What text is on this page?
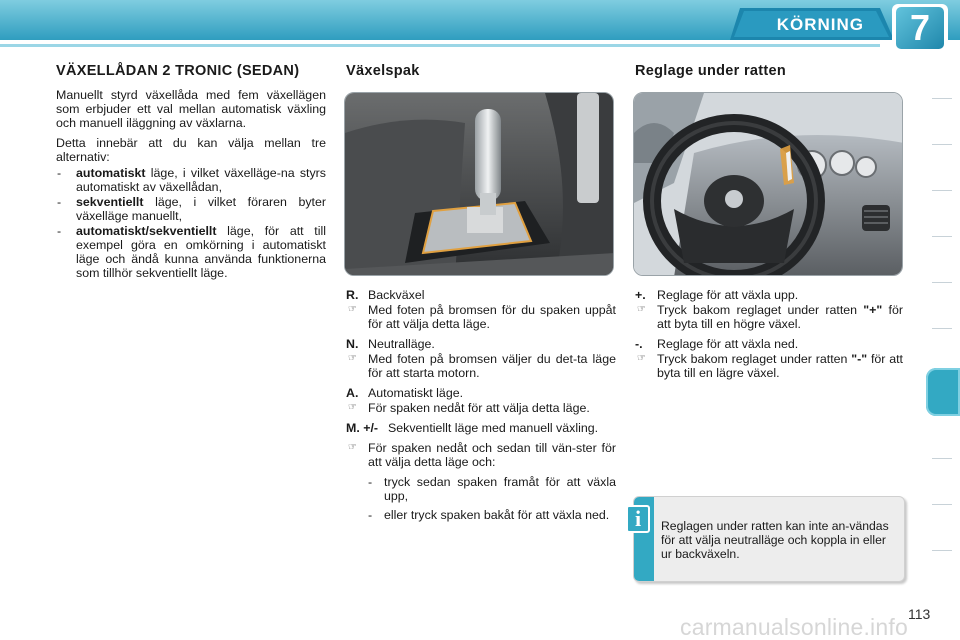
KÖRNING 7
VÄXELLÅDAN 2 TRONIC (SEDAN)

Manuellt styrd växellåda med fem växellägen som erbjuder ett val mellan automatisk växling och manuell iläggning av växlarna.

Detta innebär att du kan välja mellan tre alternativ:

-	automatiskt läge, i vilket växelläge-na styrs automatiskt av växellådan,
-	sekventiellt läge, i vilket föraren byter växelläge manuellt,
-	automatiskt/sekventiellt läge, för att till exempel göra en omkörning i automatiskt läge och ändå kunna använda funktionerna som tillhör sekventiellt läge.
Växelspak
R. Backväxel
☞ Med foten på bromsen för du spaken uppåt för att välja detta läge.
N. Neutralläge.
☞ Med foten på bromsen väljer du det-ta läge för att starta motorn.
A. Automatiskt läge.
☞ För spaken nedåt för att välja detta läge.
M. +/- Sekventiellt läge med manuell växling.
☞ För spaken nedåt och sedan till vän-ster för att välja detta läge och:
- tryck sedan spaken framåt för att växla upp,
- eller tryck spaken bakåt för att växla ned.
Reglage under ratten
+. Reglage för att växla upp.
☞ Tryck bakom reglaget under ratten "+" för att byta till en högre växel.
-.	Reglage för att växla ned.
☞ Tryck bakom reglaget under ratten "-" för att byta till en lägre växel.
i	Reglagen under ratten kan inte an-vändas för att välja neutralläge och koppla in eller ur backväxeln.
113
carmanualsonline.info
